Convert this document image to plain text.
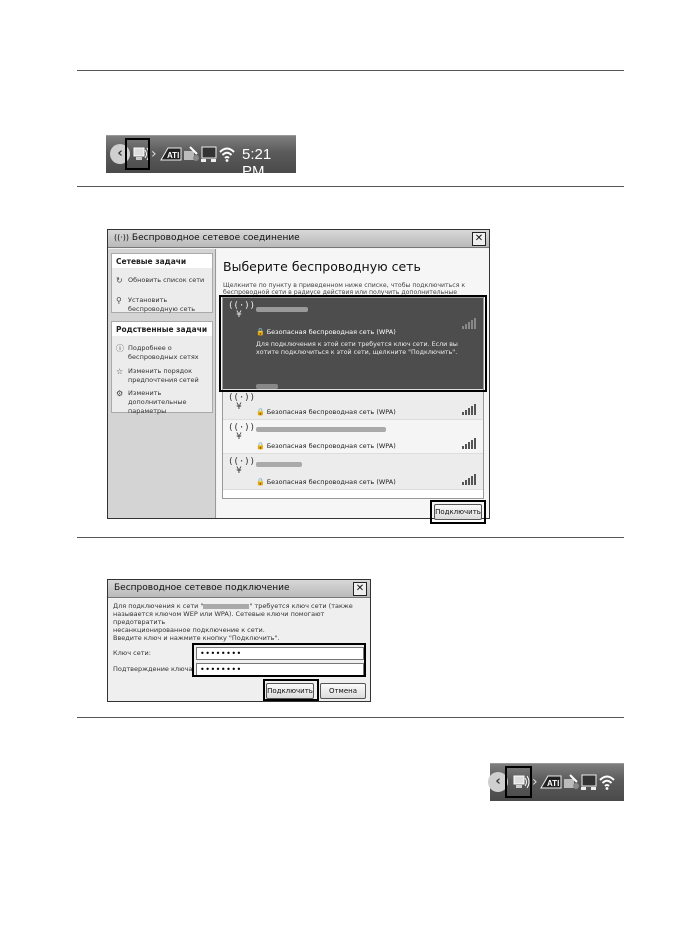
‹	› ATI	5:21 PM
((·)) Беспроводное сетевое соединение	✕
Сетевые задачи
↻ Обновить список сети
⚲ Установить беспроводную сеть
Родственные задачи
ⓘ Подробнее о беспроводных сетях
☆ Изменить порядок предпочтения сетей
⚙ Изменить дополнительные параметры
Выберите беспроводную сеть
Щелкните по пункту в приведенном ниже списке, чтобы подключиться к беспроводной сети в радиусе действия или получить дополнительные
((·))
¥
🔒 Безопасная беспроводная сеть (WPA)
Для подключения к этой сети требуется ключ сети. Если вы хотите подключиться к этой сети, щелкните "Подключить".
((·))
¥	🔒 Безопасная беспроводная сеть (WPA)
((·))
¥
🔒 Безопасная беспроводная сеть (WPA)
((·))
¥
🔒 Безопасная беспроводная сеть (WPA)
Подключить
Беспроводное сетевое подключение	✕
Для подключения к сети "	" требуется ключ сети (также
называется ключом WEP или WPA). Сетевые ключи помогают предотвратить
несанкционированное подключение к сети.
Введите ключ и нажмите кнопку "Подключить".
Ключ сети:	••••••••
Подтверждение ключа: ••••••••
Подключить	Отмена
‹	› ATI
